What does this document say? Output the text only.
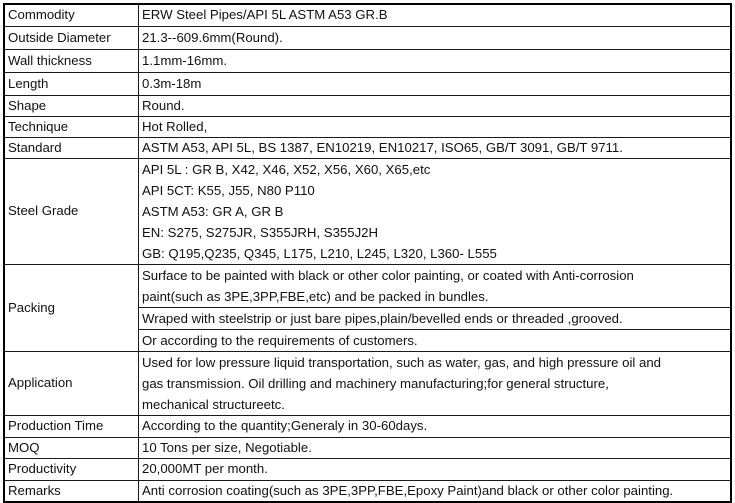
Commodity	ERW Steel Pipes/API 5L ASTM A53 GR.B
Outside Diameter	21.3--609.6mm(Round).
Wall thickness	1.1mm-16mm.
Length	0.3m-18m
Shape	Round.
Technique	Hot Rolled,
Standard	ASTM A53, API 5L, BS 1387, EN10219, EN10217, ISO65, GB/T 3091, GB/T 9711.
Steel Grade	API 5L : GR B, X42, X46, X52, X56, X60, X65,etc
API 5CT: K55, J55, N80 P110
ASTM A53: GR A, GR B
EN: S275, S275JR, S355JRH, S355J2H
GB: Q195,Q235, Q345, L175, L210, L245, L320, L360- L555

Packing	Surface to be painted with black or other color painting, or coated with Anti-corrosion
paint(such as 3PE,3PP,FBE,etc) and be packed in bundles.
Wraped with steelstrip or just bare pipes,plain/bevelled ends or threaded ,grooved.
Or according to the requirements of customers.

Application	Used for low pressure liquid transportation, such as water, gas, and high pressure oil and
gas transmission. Oil drilling and machinery manufacturing;for general structure,
mechanical structureetc.

Production Time	According to the quantity;Generaly in 30-60days.
MOQ	10 Tons per size, Negotiable.
Productivity	20,000MT per month.
Remarks	Anti corrosion coating(such as 3PE,3PP,FBE,Epoxy Paint)and black or other color painting.
